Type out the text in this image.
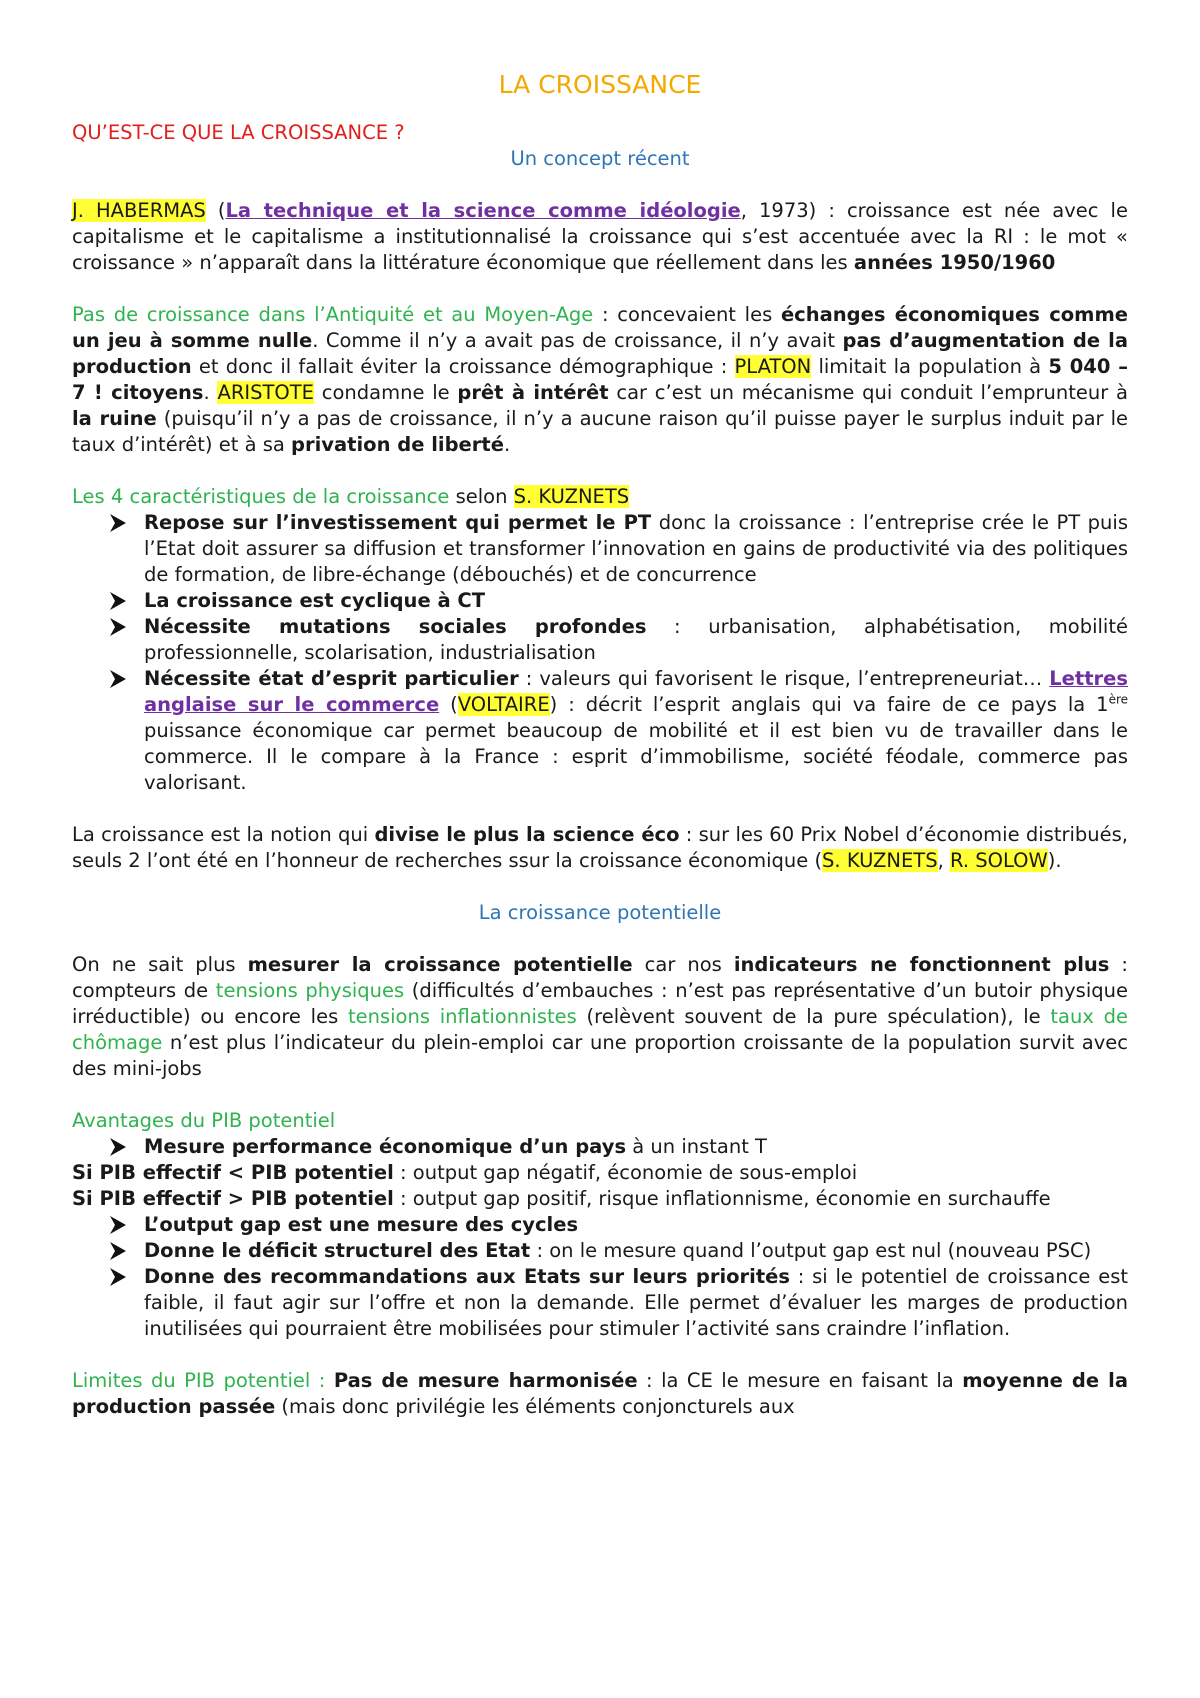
LA CROISSANCE

QU’EST-CE QUE LA CROISSANCE ?

Un concept récent

J. HABERMAS (La technique et la science comme idéologie, 1973) : croissance est née avec le capitalisme et le capitalisme a institutionnalisé la croissance qui s’est accentuée avec la RI : le mot « croissance » n’apparaît dans la littérature économique que réellement dans les années 1950/1960

Pas de croissance dans l’Antiquité et au Moyen-Age : concevaient les échanges économiques comme un jeu à somme nulle. Comme il n’y a avait pas de croissance, il n’y avait pas d’augmentation de la production et donc il fallait éviter la croissance démographique : PLATON limitait la population à 5 040 – 7 ! citoyens. ARISTOTE condamne le prêt à intérêt car c’est un mécanisme qui conduit l’emprunteur à la ruine (puisqu’il n’y a pas de croissance, il n’y a aucune raison qu’il puisse payer le surplus induit par le taux d’intérêt) et à sa privation de liberté.

Les 4 caractéristiques de la croissance selon S. KUZNETS

Repose sur l’investissement qui permet le PT donc la croissance : l’entreprise crée le PT puis l’Etat doit assurer sa diffusion et transformer l’innovation en gains de productivité via des politiques de formation, de libre-échange (débouchés) et de concurrence
La croissance est cyclique à CT
Nécessite mutations sociales profondes : urbanisation, alphabétisation, mobilité professionnelle, scolarisation, industrialisation
Nécessite état d’esprit particulier : valeurs qui favorisent le risque, l’entrepreneuriat… Lettres anglaise sur le commerce (VOLTAIRE) : décrit l’esprit anglais qui va faire de ce pays la 1ère puissance économique car permet beaucoup de mobilité et il est bien vu de travailler dans le commerce. Il le compare à la France : esprit d’immobilisme, société féodale, commerce pas valorisant.

La croissance est la notion qui divise le plus la science éco : sur les 60 Prix Nobel d’économie distribués, seuls 2 l’ont été en l’honneur de recherches ssur la croissance économique (S. KUZNETS, R. SOLOW).

La croissance potentielle

On ne sait plus mesurer la croissance potentielle car nos indicateurs ne fonctionnent plus : compteurs de tensions physiques (difficultés d’embauches : n’est pas représentative d’un butoir physique irréductible) ou encore les tensions inflationnistes (relèvent souvent de la pure spéculation), le taux de chômage n’est plus l’indicateur du plein-emploi car une proportion croissante de la population survit avec des mini-jobs

Avantages du PIB potentiel

Mesure performance économique d’un pays à un instant T

Si PIB effectif < PIB potentiel : output gap négatif, économie de sous-emploi

Si PIB effectif > PIB potentiel : output gap positif, risque inflationnisme, économie en surchauffe

L’output gap est une mesure des cycles
Donne le déficit structurel des Etat : on le mesure quand l’output gap est nul (nouveau PSC)
Donne des recommandations aux Etats sur leurs priorités : si le potentiel de croissance est faible, il faut agir sur l’offre et non la demande. Elle permet d’évaluer les marges de production inutilisées qui pourraient être mobilisées pour stimuler l’activité sans craindre l’inflation.

Limites du PIB potentiel : Pas de mesure harmonisée : la CE le mesure en faisant la moyenne de la production passée (mais donc privilégie les éléments conjoncturels aux
